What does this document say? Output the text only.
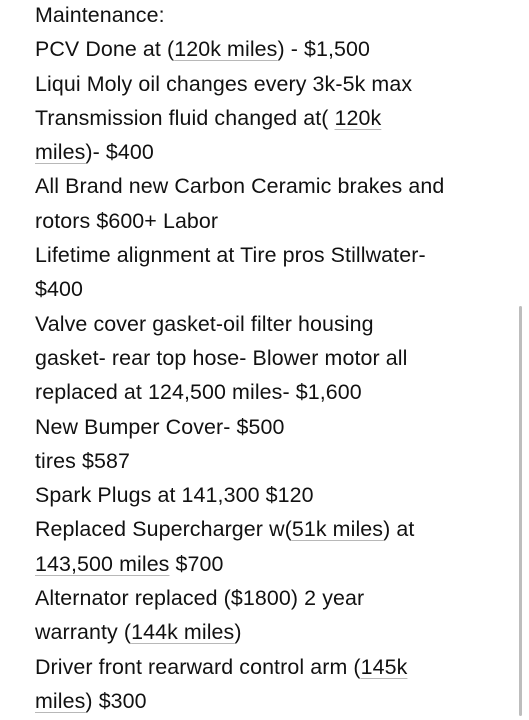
Maintenance:
PCV Done at (120k miles) - $1,500
Liqui Moly oil changes every 3k-5k max
Transmission fluid changed at( 120k
miles)- $400
All Brand new Carbon Ceramic brakes and
rotors $600+ Labor
Lifetime alignment at Tire pros Stillwater-
$400
Valve cover gasket-oil filter housing
gasket- rear top hose- Blower motor all
replaced at 124,500 miles- $1,600
New Bumper Cover- $500
tires $587
Spark Plugs at 141,300 $120
Replaced Supercharger w(51k miles) at
143,500 miles $700
Alternator replaced ($1800) 2 year
warranty (144k miles)
Driver front rearward control arm (145k
miles) $300
